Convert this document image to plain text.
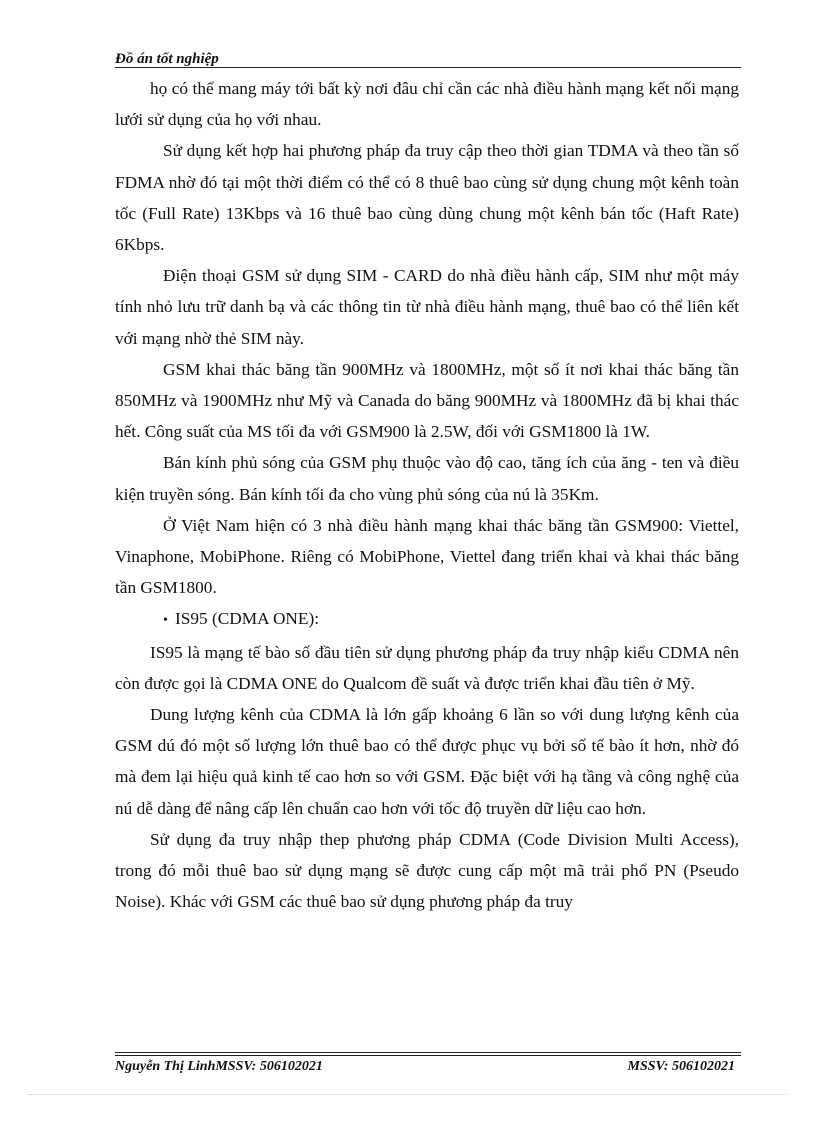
Đồ án tốt nghiệp

họ có thể mang máy tới bất kỳ nơi đâu chỉ cần các nhà điều hành mạng kết nối mạng lưới sử dụng của họ với nhau.

Sử dụng kết hợp hai phương pháp đa truy cập theo thời gian TDMA và theo tần số FDMA nhờ đó tại một thời điểm có thể có 8 thuê bao cùng sử dụng chung một kênh toàn tốc (Full Rate) 13Kbps và 16 thuê bao cùng dùng chung một kênh bán tốc (Haft Rate) 6Kbps.

Điện thoại GSM sử dụng SIM - CARD do nhà điều hành cấp, SIM như một máy tính nhỏ lưu trữ danh bạ và các thông tin từ nhà điều hành mạng, thuê bao có thể liên kết với mạng nhờ thẻ SIM này.

GSM khai thác băng tần 900MHz và 1800MHz, một số ít nơi khai thác băng tần 850MHz và 1900MHz như Mỹ và Canada do băng 900MHz và 1800MHz đã bị khai thác hết. Công suất của MS tối đa với GSM900 là 2.5W, đối với GSM1800 là 1W.

Bán kính phủ sóng của GSM phụ thuộc vào độ cao, tăng ích của ăng - ten và điều kiện truyền sóng. Bán kính tối đa cho vùng phủ sóng của nú là 35Km.

Ở Việt Nam hiện có 3 nhà điều hành mạng khai thác băng tần GSM900: Viettel, Vinaphone, MobiPhone. Riêng có MobiPhone, Viettel đang triển khai và khai thác băng tần GSM1800.

• IS95 (CDMA ONE):

IS95 là mạng tế bào số đầu tiên sử dụng phương pháp đa truy nhập kiểu CDMA nên còn được gọi là CDMA ONE do Qualcom đề suất và được triển khai đầu tiên ở Mỹ.

Dung lượng kênh của CDMA là lớn gấp khoảng 6 lần so với dung lượng kênh của GSM dú đó một số lượng lớn thuê bao có thể được phục vụ bởi số tế bào ít hơn, nhờ đó mà đem lại hiệu quả kinh tế cao hơn so với GSM. Đặc biệt với hạ tầng và công nghệ của nú dễ dàng để nâng cấp lên chuẩn cao hơn với tốc độ truyền dữ liệu cao hơn.

Sử dụng đa truy nhập thep phương pháp CDMA (Code Division Multi Access), trong đó mỗi thuê bao sử dụng mạng sẽ được cung cấp một mã trải phổ PN (Pseudo Noise). Khác với GSM các thuê bao sử dụng phương pháp đa truy

Nguyễn Thị LinhMSSV: 506102021	MSSV: 506102021
